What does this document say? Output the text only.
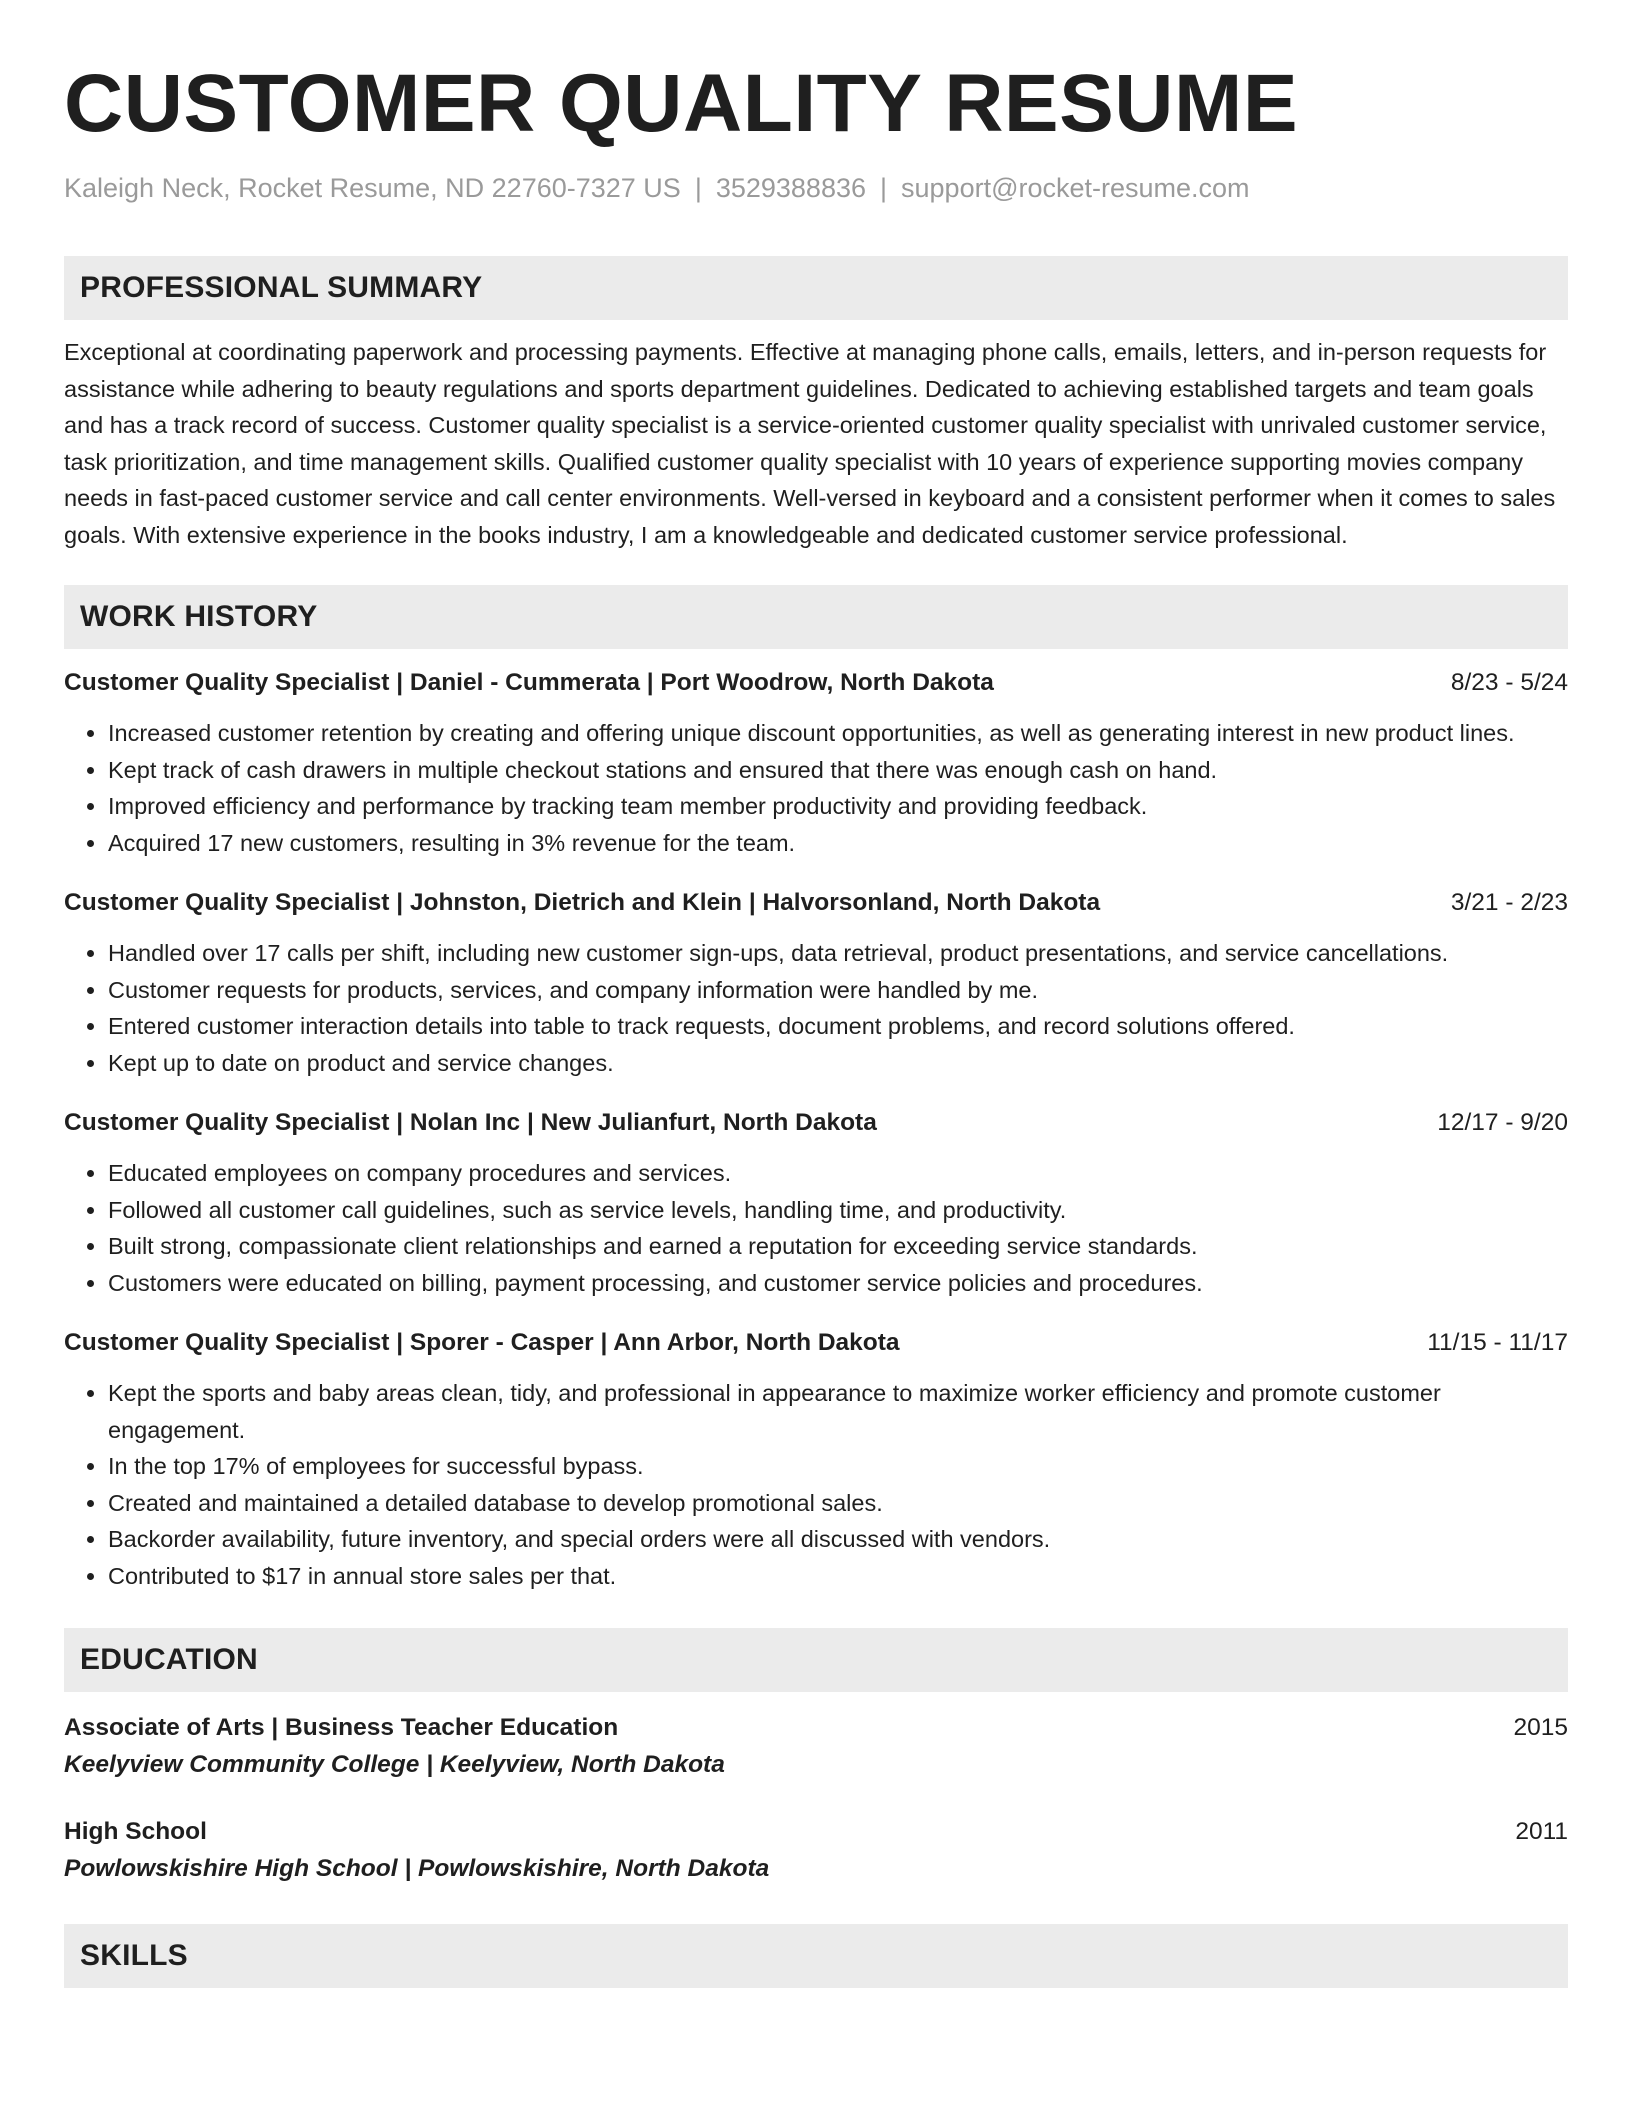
CUSTOMER QUALITY RESUME
Kaleigh Neck, Rocket Resume, ND 22760-7327 US | 3529388836 | support@rocket-resume.com
PROFESSIONAL SUMMARY

Exceptional at coordinating paperwork and processing payments. Effective at managing phone calls, emails, letters, and in-person requests for assistance while adhering to beauty regulations and sports department guidelines. Dedicated to achieving established targets and team goals and has a track record of success. Customer quality specialist is a service-oriented customer quality specialist with unrivaled customer service, task prioritization, and time management skills. Qualified customer quality specialist with 10 years of experience supporting movies company needs in fast-paced customer service and call center environments. Well-versed in keyboard and a consistent performer when it comes to sales goals. With extensive experience in the books industry, I am a knowledgeable and dedicated customer service professional.

WORK HISTORY
Customer Quality Specialist | Daniel - Cummerata | Port Woodrow, North Dakota	8/23 - 5/24
• Increased customer retention by creating and offering unique discount opportunities, as well as generating interest in new product lines.
• Kept track of cash drawers in multiple checkout stations and ensured that there was enough cash on hand.
• Improved efficiency and performance by tracking team member productivity and providing feedback.
• Acquired 17 new customers, resulting in 3% revenue for the team.
Customer Quality Specialist | Johnston, Dietrich and Klein | Halvorsonland, North Dakota	3/21 - 2/23
• Handled over 17 calls per shift, including new customer sign-ups, data retrieval, product presentations, and service cancellations.
• Customer requests for products, services, and company information were handled by me.
• Entered customer interaction details into table to track requests, document problems, and record solutions offered.
• Kept up to date on product and service changes.
Customer Quality Specialist | Nolan Inc | New Julianfurt, North Dakota	12/17 - 9/20
• Educated employees on company procedures and services.
• Followed all customer call guidelines, such as service levels, handling time, and productivity.
• Built strong, compassionate client relationships and earned a reputation for exceeding service standards.
• Customers were educated on billing, payment processing, and customer service policies and procedures.
Customer Quality Specialist | Sporer - Casper | Ann Arbor, North Dakota	11/15 - 11/17
• Kept the sports and baby areas clean, tidy, and professional in appearance to maximize worker efficiency and promote customer engagement.
• In the top 17% of employees for successful bypass.
• Created and maintained a detailed database to develop promotional sales.
• Backorder availability, future inventory, and special orders were all discussed with vendors.
• Contributed to $17 in annual store sales per that.
EDUCATION
Associate of Arts | Business Teacher Education	2015
Keelyview Community College | Keelyview, North Dakota
High School	2011
Powlowskishire High School | Powlowskishire, North Dakota
SKILLS
